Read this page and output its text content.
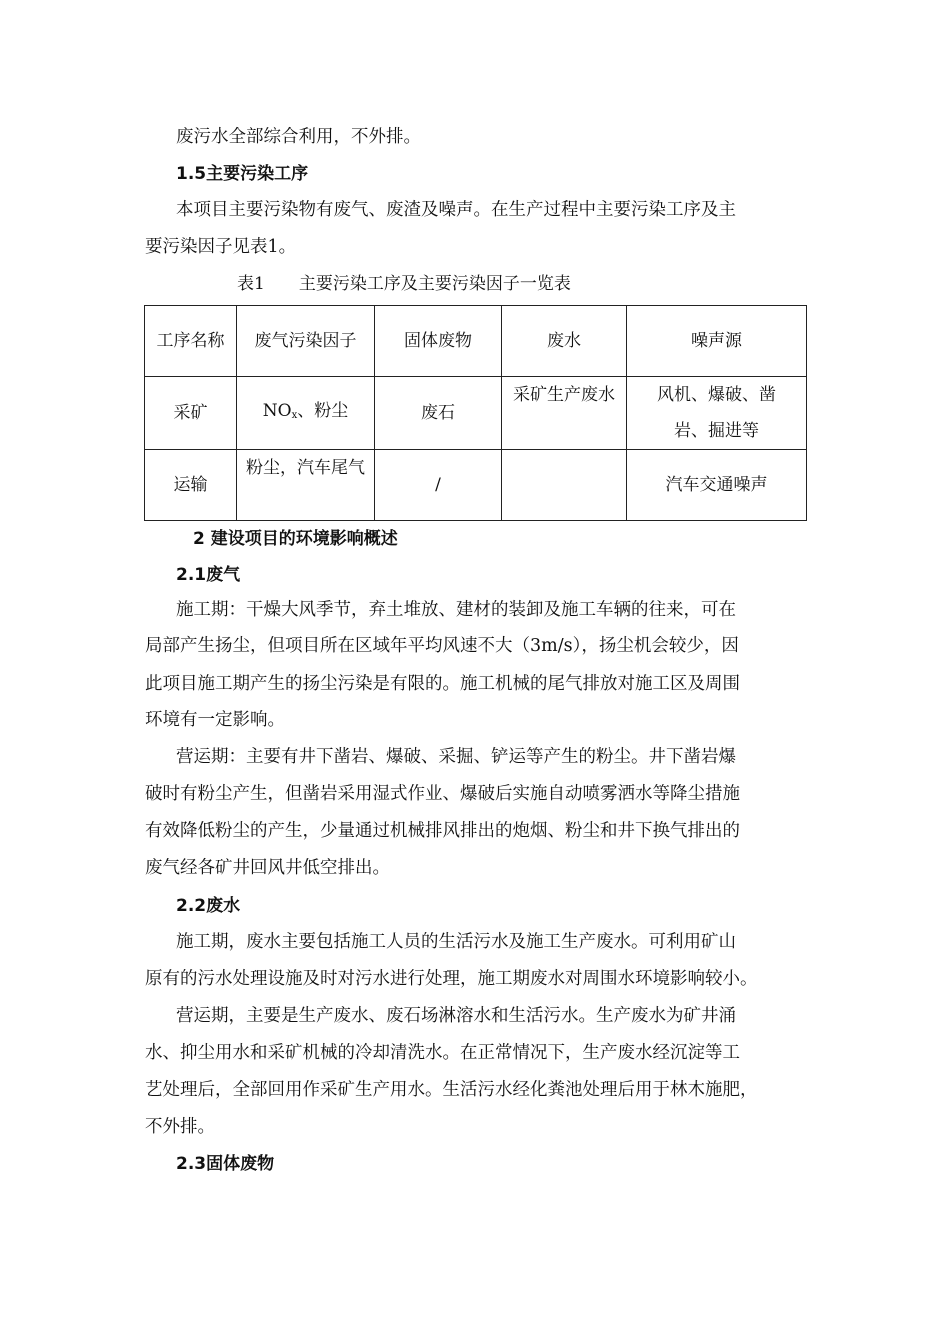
废污水全部综合利用，不外排。
1.5主要污染工序
本项目主要污染物有废气、废渣及噪声。在生产过程中主要污染工序及主
要污染因子见表1。
表1　　主要污染工序及主要污染因子一览表
工序名称	废气污染因子	固体废物	废水	噪声源
采矿	$NO_x$、粉尘	废石	采矿生产废水	风机、爆破、凿岩、掘进等
运输	粉尘，汽车尾气	/		汽车交通噪声
2 建设项目的环境影响概述
2.1废气
施工期：干燥大风季节，弃土堆放、建材的装卸及施工车辆的往来，可在
局部产生扬尘，但项目所在区域年平均风速不大（3m/s），扬尘机会较少，因
此项目施工期产生的扬尘污染是有限的。施工机械的尾气排放对施工区及周围
环境有一定影响。
营运期：主要有井下凿岩、爆破、采掘、铲运等产生的粉尘。井下凿岩爆
破时有粉尘产生，但凿岩采用湿式作业、爆破后实施自动喷雾洒水等降尘措施
有效降低粉尘的产生，少量通过机械排风排出的炮烟、粉尘和井下换气排出的
废气经各矿井回风井低空排出。
2.2废水
施工期，废水主要包括施工人员的生活污水及施工生产废水。可利用矿山
原有的污水处理设施及时对污水进行处理，施工期废水对周围水环境影响较小。
营运期，主要是生产废水、废石场淋溶水和生活污水。生产废水为矿井涌
水、抑尘用水和采矿机械的冷却清洗水。在正常情况下，生产废水经沉淀等工
艺处理后，全部回用作采矿生产用水。生活污水经化粪池处理后用于林木施肥，
不外排。
2.3固体废物
